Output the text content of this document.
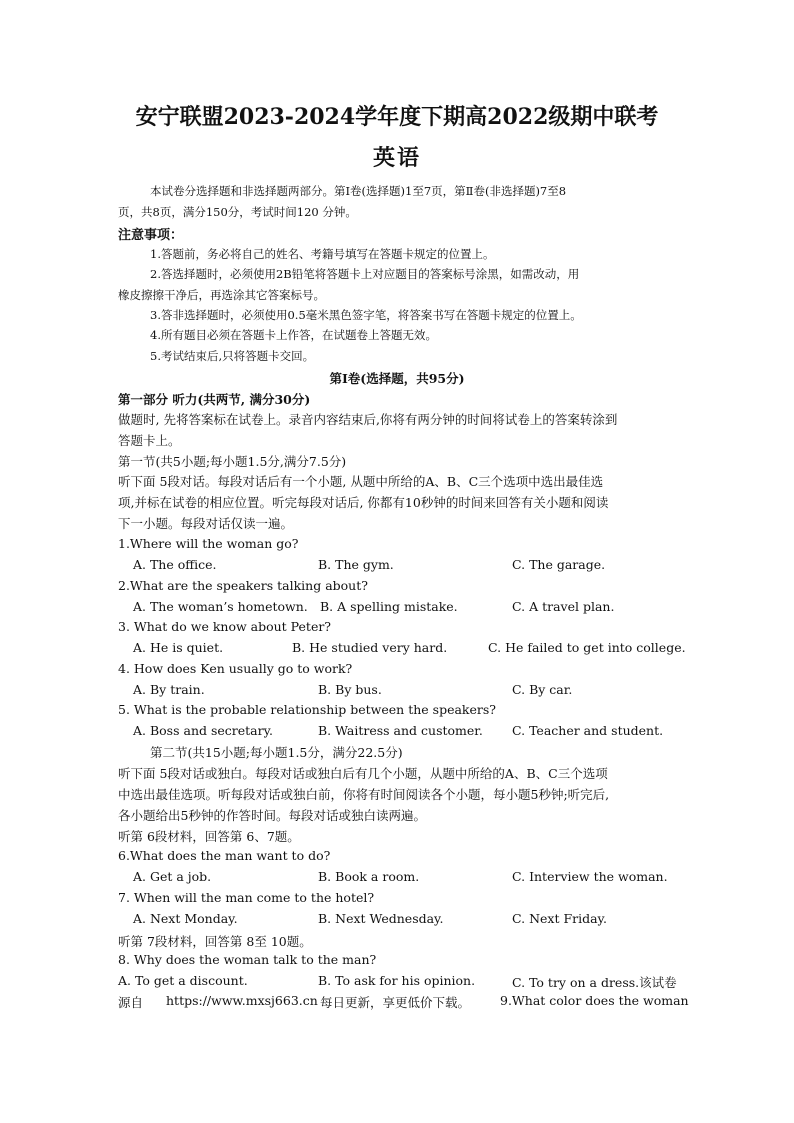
安宁联盟2023-2024学年度下期高2022级期中联考
英语
本试卷分选择题和非选择题两部分。第Ⅰ卷(选择题)1至7页，第Ⅱ卷(非选择题)7至8
页，共8页，满分150分，考试时间120 分钟。
注意事项：
1.答题前，务必将自己的姓名、考籍号填写在答题卡规定的位置上。
2.答选择题时，必须使用2B铅笔将答题卡上对应题目的答案标号涂黑，如需改动，用
橡皮擦擦干净后，再选涂其它答案标号。
3.答非选择题时，必须使用0.5毫米黑色签字笔，将答案书写在答题卡规定的位置上。
4.所有题目必须在答题卡上作答，在试题卷上答题无效。
5.考试结束后,只将答题卡交回。
第Ⅰ卷(选择题，共95分)
第一部分 听力(共两节, 满分30分)
做题时, 先将答案标在试卷上。录音内容结束后,你将有两分钟的时间将试卷上的答案转涂到
答题卡上。
第一节(共5小题;每小题1.5分,满分7.5分)
听下面 5段对话。每段对话后有一个小题, 从题中所给的A、B、C三个选项中选出最佳选
项,并标在试卷的相应位置。听完每段对话后, 你都有10秒钟的时间来回答有关小题和阅读
下一小题。每段对话仅读一遍。
1.Where will the woman go?
A. The office.	B. The gym.	C. The garage.
2.What are the speakers talking about?
A. The woman’s hometown. B. A spelling mistake.	C. A travel plan.
3. What do we know about Peter?
A. He is quiet.	B. He studied very hard.	C. He failed to get into college.
4. How does Ken usually go to work?
A. By train.	B. By bus.	C. By car.
5. What is the probable relationship between the speakers?
A. Boss and secretary.	B. Waitress and customer. C. Teacher and student.
第二节(共15小题;每小题1.5分，满分22.5分)
听下面 5段对话或独白。每段对话或独白后有几个小题，从题中所给的A、B、C三个选项
中选出最佳选项。听每段对话或独白前，你将有时间阅读各个小题，每小题5秒钟;听完后,
各小题给出5秒钟的作答时间。每段对话或独白读两遍。
听第 6段材料，回答第 6、7题。
6.What does the man want to do?
A. Get a job.	B. Book a room.	C. Interview the woman.
7. When will the man come to the hotel?
A. Next Monday.	B. Next Wednesday.	C. Next Friday.
听第 7段材料，回答第 8至 10题。
8. Why does the woman talk to the man?
A. To get a discount.	B. To ask for his opinion.	C. To try on a dress.该试卷
源自 https://www.mxsj663.cn 每日更新，享更低价下载。 9.What color does the woman
